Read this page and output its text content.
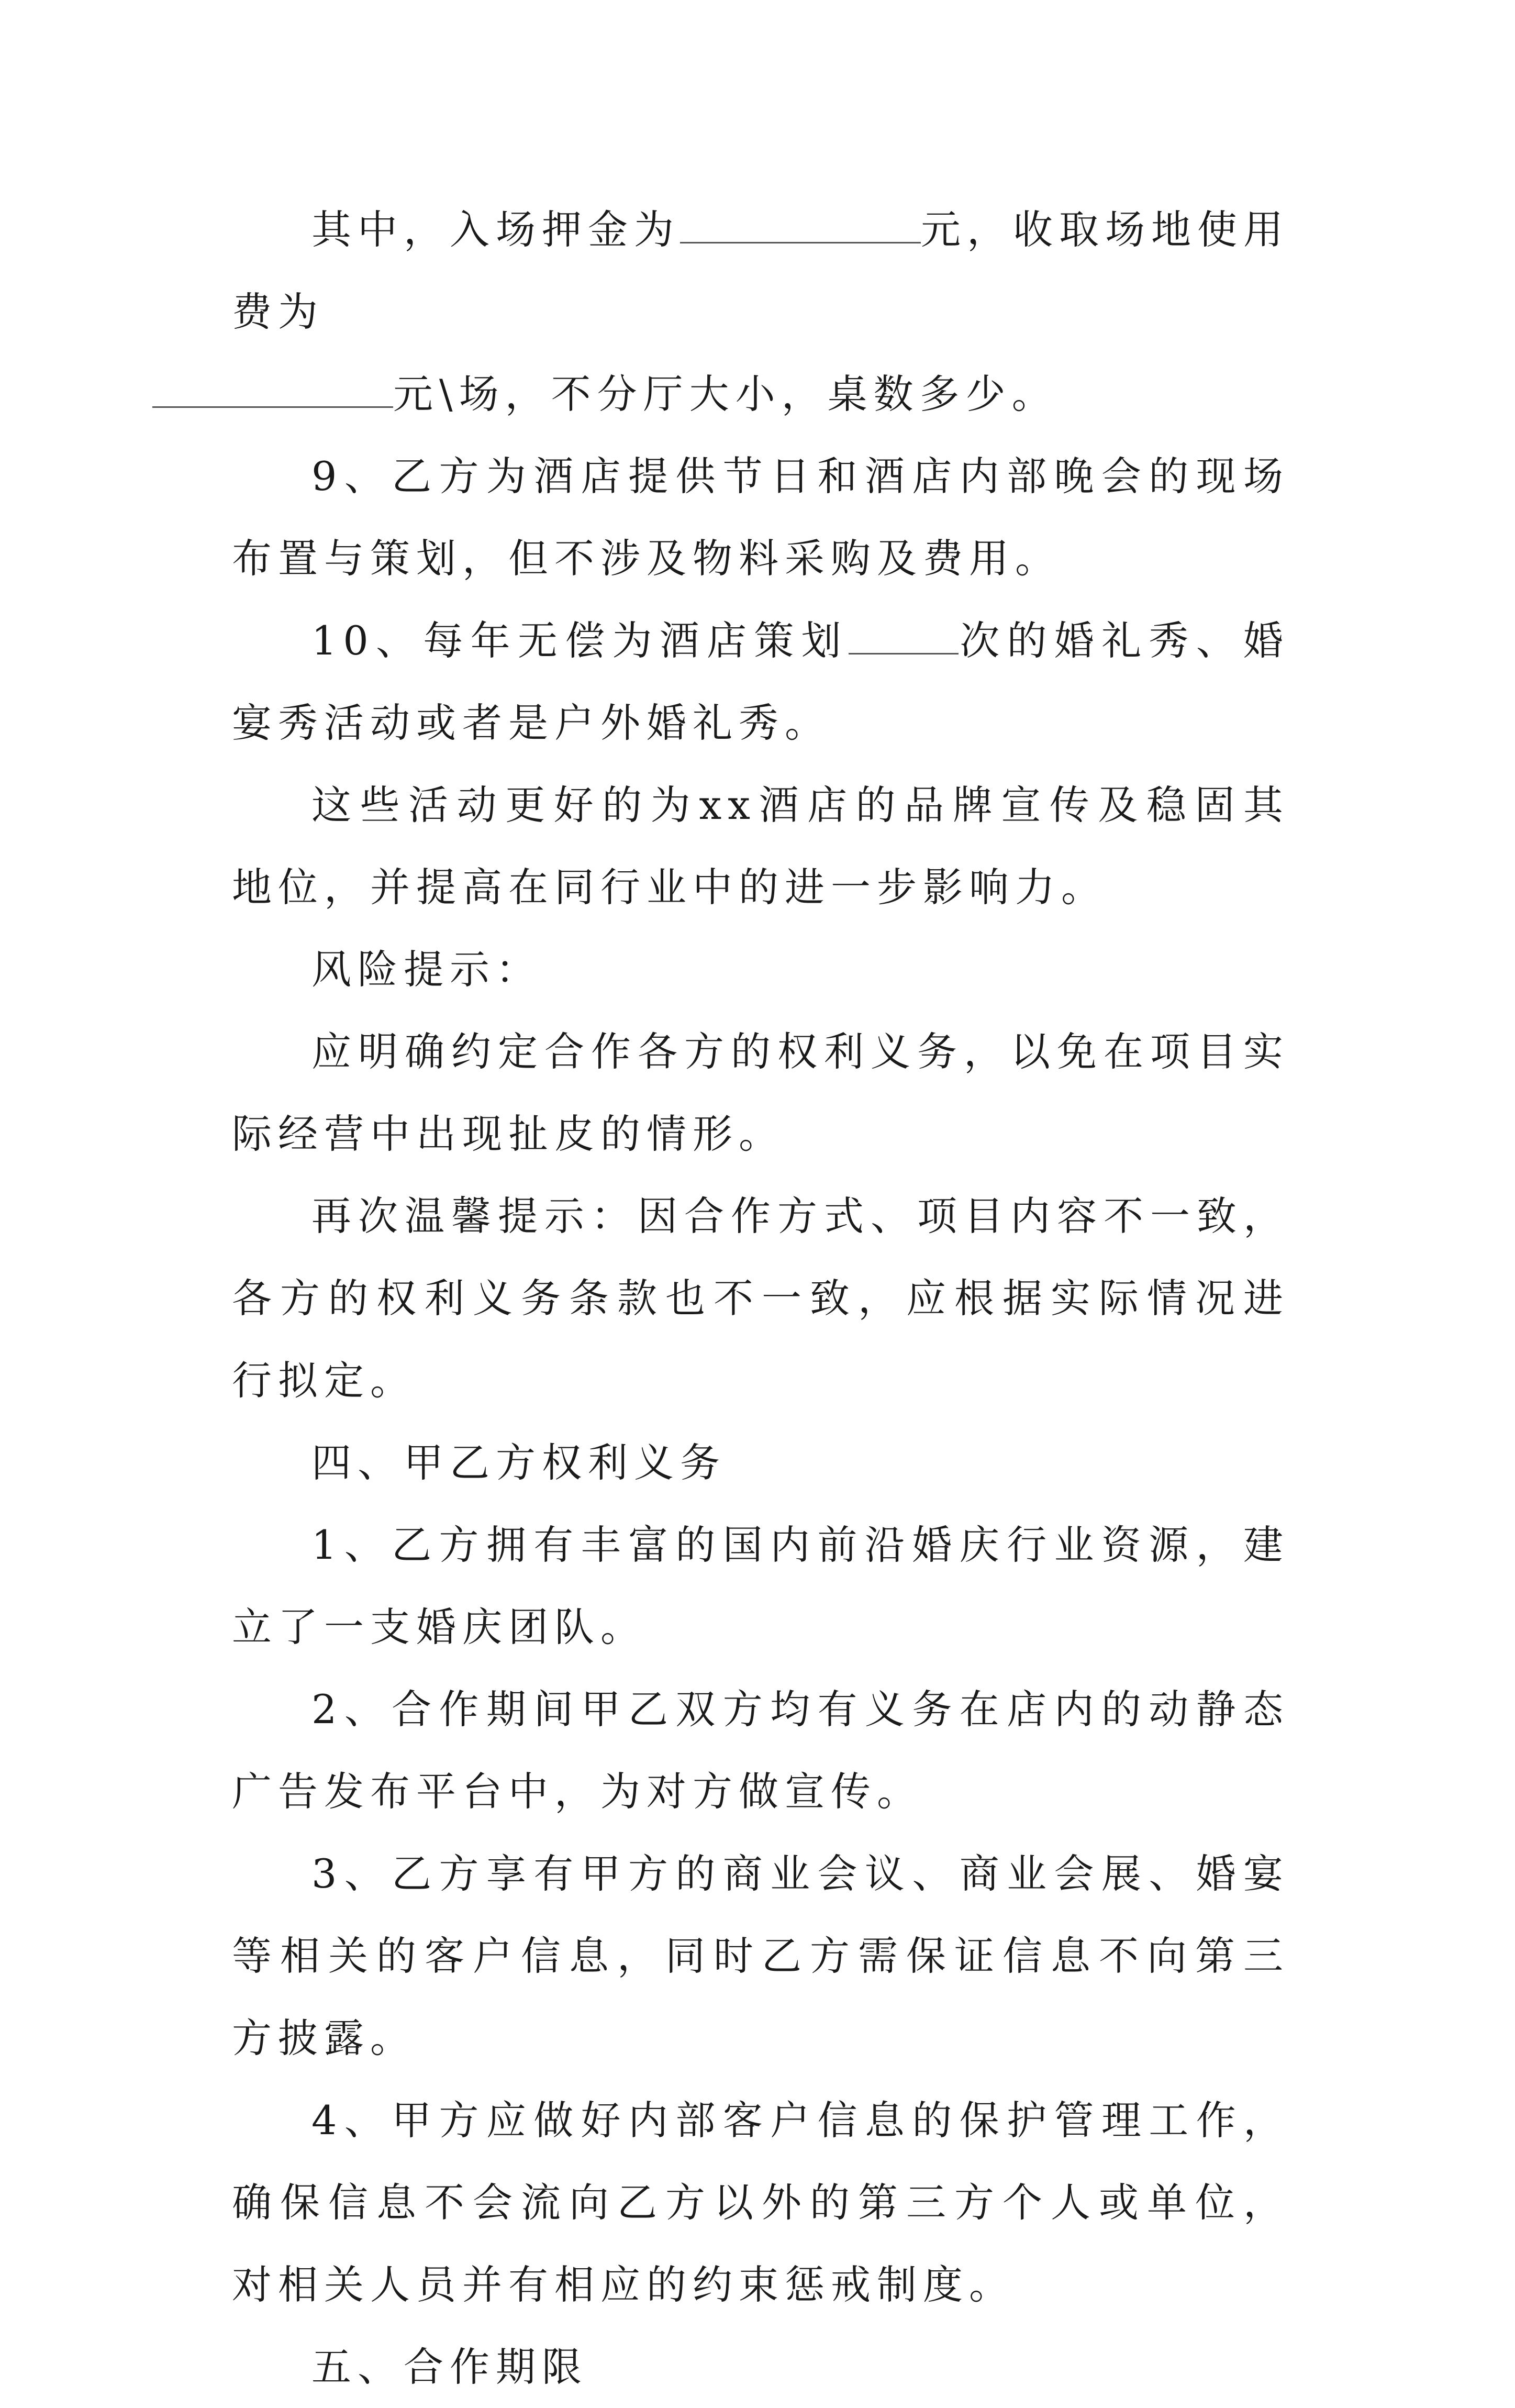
其中，入场押金为	元，收取场地使用费为
元\场，不分厅大小，桌数多少。

9、乙方为酒店提供节日和酒店内部晚会的现场布置与策划，但不涉及物料采购及费用。

10、每年无偿为酒店策划	次的婚礼秀、婚宴秀活动或者是户外婚礼秀。

这些活动更好的为xx酒店的品牌宣传及稳固其地位，并提高在同行业中的进一步影响力。

风险提示：

应明确约定合作各方的权利义务，以免在项目实际经营中出现扯皮的情形。

再次温馨提示：因合作方式、项目内容不一致，各方的权利义务条款也不一致，应根据实际情况进行拟定。

四、甲乙方权利义务

1、乙方拥有丰富的国内前沿婚庆行业资源，建立了一支婚庆团队。

2、合作期间甲乙双方均有义务在店内的动静态广告发布平台中，为对方做宣传。

3、乙方享有甲方的商业会议、商业会展、婚宴等相关的客户信息，同时乙方需保证信息不向第三方披露。

4、甲方应做好内部客户信息的保护管理工作，确保信息不会流向乙方以外的第三方个人或单位，对相关人员并有相应的约束惩戒制度。

五、合作期限
